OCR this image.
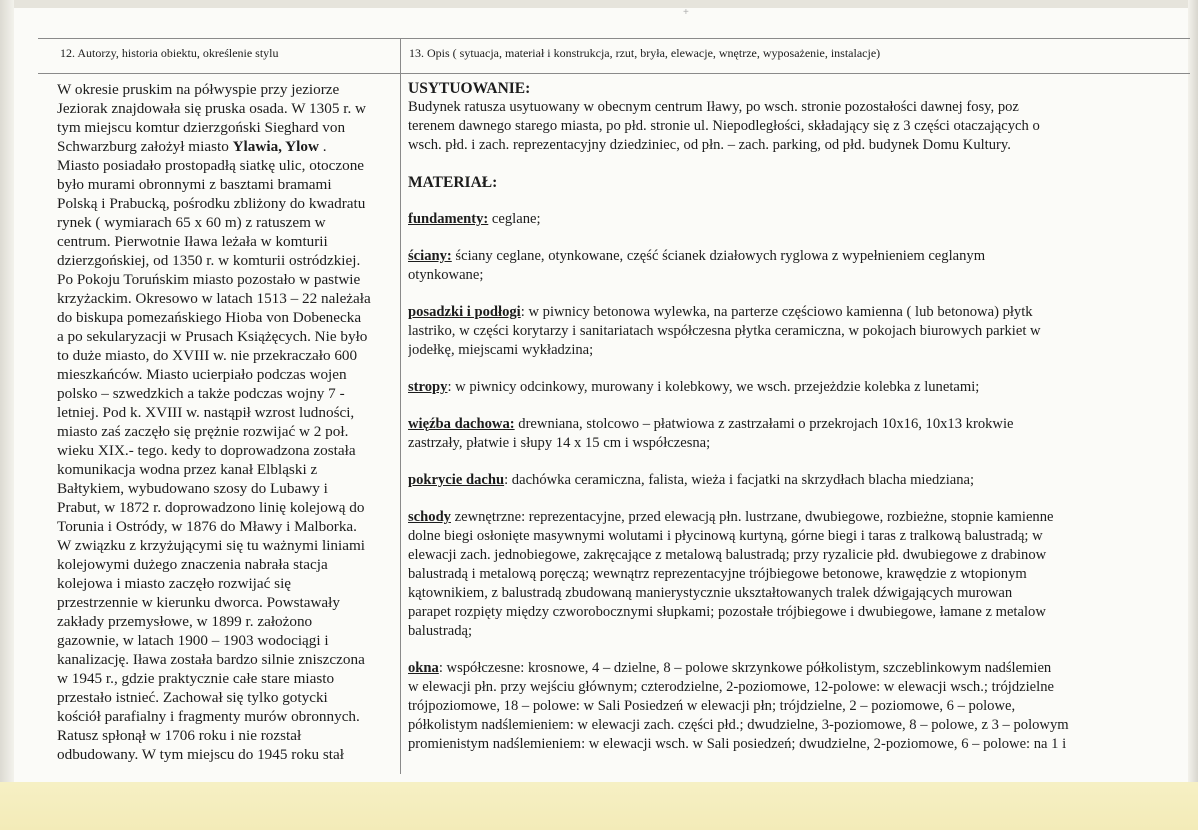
+
12. Autorzy, historia obiektu, określenie stylu	13. Opis ( sytuacja, materiał i konstrukcja, rzut, bryła, elewacje, wnętrze, wyposażenie, instalacje)
W okresie pruskim na półwyspie przy jeziorze
Jeziorak znajdowała się pruska osada. W 1305 r. w
tym miejscu komtur dzierzgoński Sieghard von
Schwarzburg założył miasto Ylawia, Ylow .
Miasto posiadało prostopadłą siatkę ulic, otoczone
było murami obronnymi z basztami bramami
Polską i Prabucką, pośrodku zbliżony do kwadratu
rynek ( wymiarach 65 x 60 m) z ratuszem w
centrum. Pierwotnie Iława leżała w komturii
dzierzgońskiej, od 1350 r. w komturii ostródzkiej.
Po Pokoju Toruńskim miasto pozostało w pastwie
krzyżackim. Okresowo w latach 1513 – 22 należała
do biskupa pomezańskiego Hioba von Dobenecka
a po sekularyzacji w Prusach Książęcych. Nie było
to duże miasto, do XVIII w. nie przekraczało 600
mieszkańców. Miasto ucierpiało podczas wojen
polsko – szwedzkich a także podczas wojny 7 -
letniej. Pod k. XVIII w. nastąpił wzrost ludności,
miasto zaś zaczęło się prężnie rozwijać w 2 poł.
wieku XIX.- tego. kedy to doprowadzona została
komunikacja wodna przez kanał Elbląski z
Bałtykiem, wybudowano szosy do Lubawy i
Prabut, w 1872 r. doprowadzono linię kolejową do
Torunia i Ostródy, w 1876 do Mławy i Malborka.
W związku z krzyżującymi się tu ważnymi liniami
kolejowymi dużego znaczenia nabrała stacja
kolejowa i miasto zaczęło rozwijać się
przestrzennie w kierunku dworca. Powstawały
zakłady przemysłowe, w 1899 r. założono
gazownie, w latach 1900 – 1903 wodociągi i
kanalizację. Iława została bardzo silnie zniszczona
w 1945 r., gdzie praktycznie całe stare miasto
przestało istnieć. Zachował się tylko gotycki
kościół parafialny i fragmenty murów obronnych.
Ratusz spłonął w 1706 roku i nie rozstał
odbudowany. W tym miejscu do 1945 roku stał
USYTUOWANIE:
Budynek ratusza usytuowany w obecnym centrum Iławy, po wsch. stronie pozostałości dawnej fosy, poz
terenem dawnego starego miasta, po płd. stronie ul. Niepodległości, składający się z 3 części otaczających o
wsch. płd. i zach. reprezentacyjny dziedziniec, od płn. – zach. parking, od płd. budynek Domu Kultury.
MATERIAŁ:
fundamenty: ceglane;
ściany: ściany ceglane, otynkowane, część ścianek działowych ryglowa z wypełnieniem ceglanym
otynkowane;
posadzki i podłogi: w piwnicy betonowa wylewka, na parterze częściowo kamienna ( lub betonowa) płytk
lastriko, w części korytarzy i sanitariatach współczesna płytka ceramiczna, w pokojach biurowych parkiet w
jodełkę, miejscami wykładzina;
stropy: w piwnicy odcinkowy, murowany i kolebkowy, we wsch. przejeżdzie kolebka z lunetami;
więźba dachowa: drewniana, stolcowo – płatwiowa z zastrzałami o przekrojach 10x16, 10x13 krokwie
zastrzały, płatwie i słupy 14 x 15 cm i współczesna;
pokrycie dachu: dachówka ceramiczna, falista, wieża i facjatki na skrzydłach blacha miedziana;
schody zewnętrzne: reprezentacyjne, przed elewacją płn. lustrzane, dwubiegowe, rozbieżne, stopnie kamienne
dolne biegi osłonięte masywnymi wolutami i płycinową kurtyną, górne biegi i taras z tralkową balustradą; w
elewacji zach. jednobiegowe, zakręcające z metalową balustradą; przy ryzalicie płd. dwubiegowe z drabinow
balustradą i metalową poręczą; wewnątrz reprezentacyjne trójbiegowe betonowe, krawędzie z wtopionym
kątownikiem, z balustradą zbudowaną manierystycznie ukształtowanych tralek dźwigających murowan
parapet rozpięty między czworobocznymi słupkami; pozostałe trójbiegowe i dwubiegowe, łamane z metalow
balustradą;
okna: współczesne: krosnowe, 4 – dzielne, 8 – polowe skrzynkowe półkolistym, szczeblinkowym nadślemien
w elewacji płn. przy wejściu głównym; czterodzielne, 2-poziomowe, 12-polowe: w elewacji wsch.; trójdzielne
trójpoziomowe, 18 – polowe: w Sali Posiedzeń w elewacji płn; trójdzielne, 2 – poziomowe, 6 – polowe,
półkolistym nadślemieniem: w elewacji zach. części płd.; dwudzielne, 3-poziomowe, 8 – polowe, z 3 – polowym
promienistym nadślemieniem: w elewacji wsch. w Sali posiedzeń; dwudzielne, 2-poziomowe, 6 – polowe: na 1 i
